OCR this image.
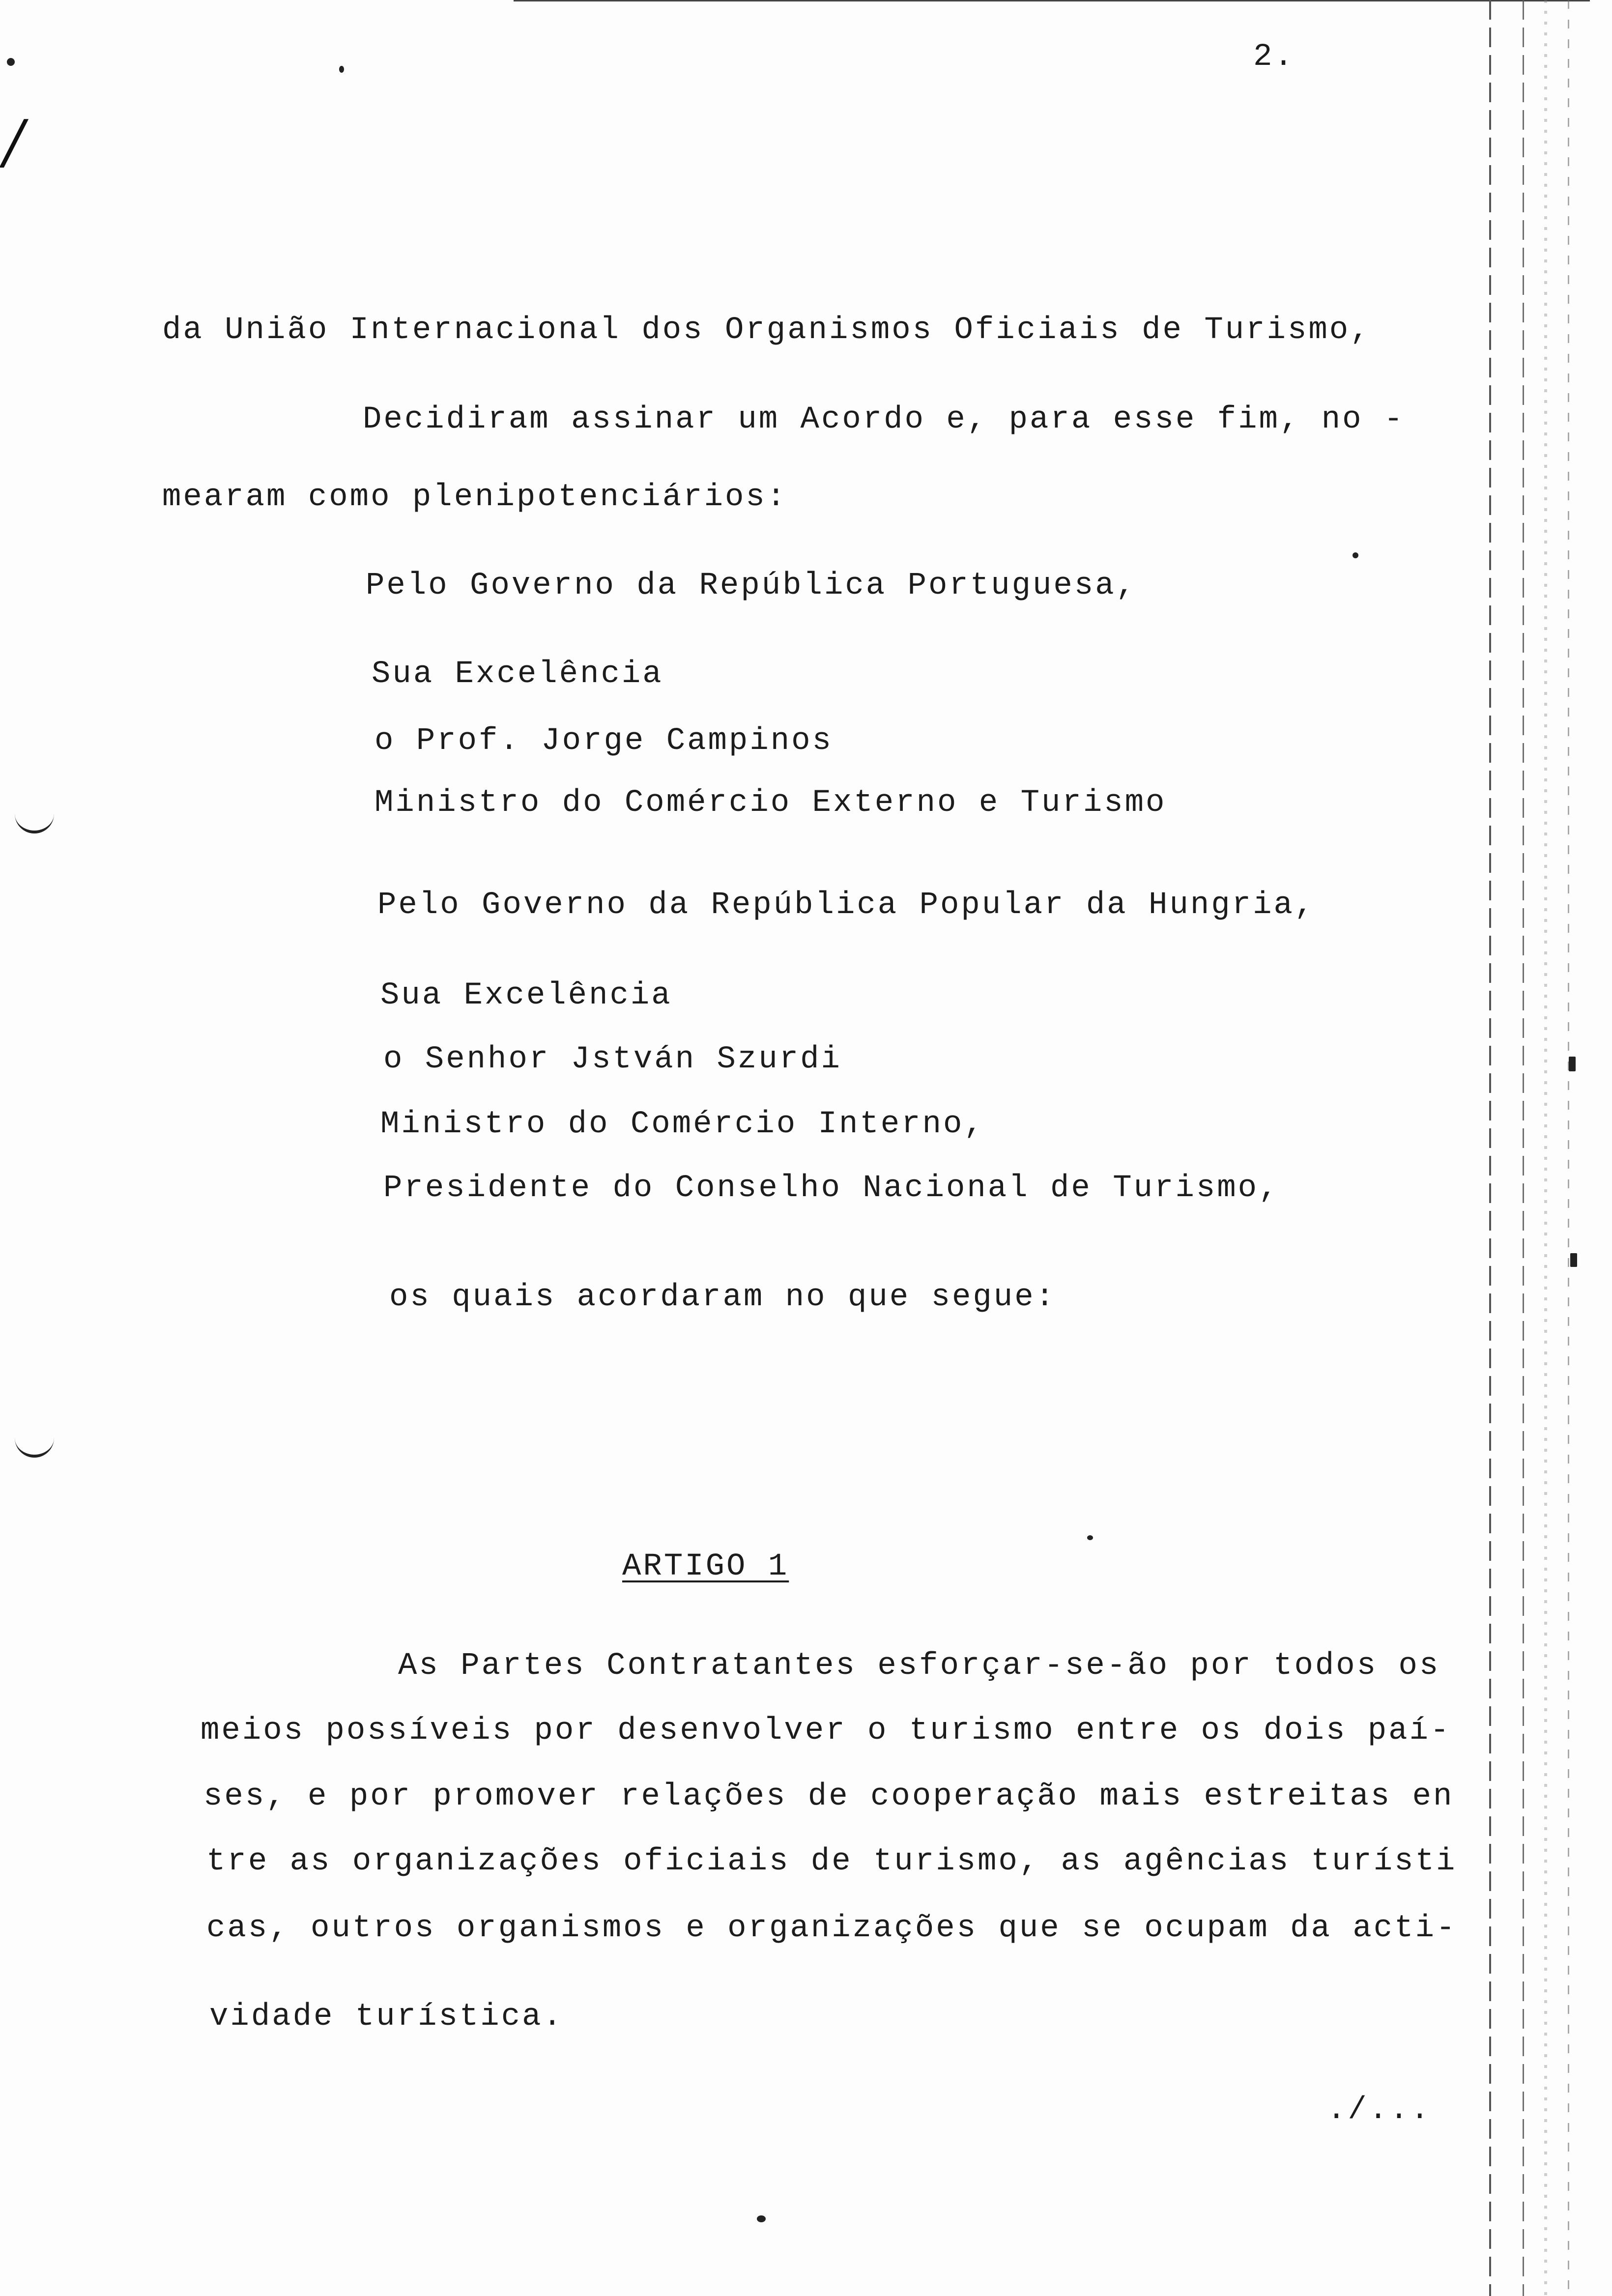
/
2.
da União Internacional dos Organismos Oficiais de Turismo,
Decidiram assinar um Acordo e, para esse fim, no -
mearam como plenipotenciários:
Pelo Governo da República Portuguesa,
Sua Excelência
o Prof. Jorge Campinos
Ministro do Comércio Externo e Turismo
Pelo Governo da República Popular da Hungria,
Sua Excelência
o Senhor Jstván Szurdi
Ministro do Comércio Interno,
Presidente do Conselho Nacional de Turismo,
os quais acordaram no que segue:
ARTIGO 1
As Partes Contratantes esforçar-se-ão por todos os
meios possíveis por desenvolver o turismo entre os dois paí-
ses, e por promover relações de cooperação mais estreitas en
tre as organizações oficiais de turismo, as agências turísti
cas, outros organismos e organizações que se ocupam da acti-
vidade turística.
./...
